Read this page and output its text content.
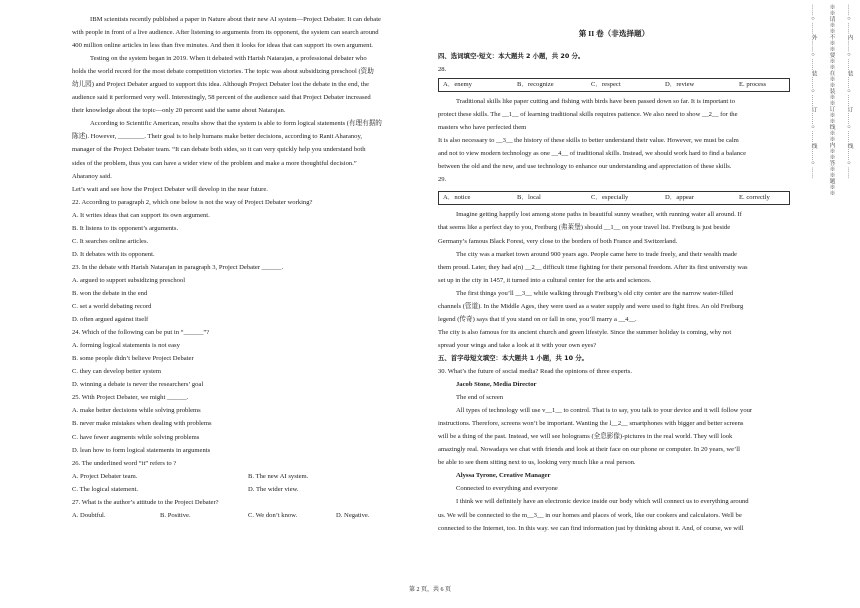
IBM scientists recently published a paper in Nature about their new AI system—Project Debater. It can debate
with people in front of a live audience. After listening to arguments from its opponent, the system can search around
400 million online articles in less than five minutes. And then it looks for ideas that can support its own argument.
Testing on the system began in 2019. When it debated with Harish Natarajan, a professional debater who
holds the world record for the most debate competition victories. The topic was about subsidizing preschool (资助
幼儿园) and Project Debater argued to support this idea. Although Project Debater lost the debate in the end, the
audience said it performed very well. Interestingly, 58 percent of the audience said that Project Debater increased
their knowledge about the topic—only 20 percent said the same about Natarajan.
According to Scientific American, results show that the system is able to form logical statements (有理有据的
陈述). However, ________. Their goal is to help humans make better decisions, according to Ranit Aharanoy,
manager of the Project Debater team. “It can debate both sides, so it can very quickly help you understand both
sides of the problem, thus you can have a wider view of the problem and make a more thoughtful decision.”
Aharanoy said.
Let’s wait and see how the Project Debater will develop in the near future.
22. According to paragraph 2, which one below is not the way of Project Debater working?
A. It writes ideas that can support its own argument.
B. It listens to its opponent’s arguments.
C. It searches online articles.
D. It debates with its opponent.
23. In the debate with Harish Natarajan in paragraph 3, Project Debater ______.
A. argued to support subsidizing preschool
B. won the debate in the end
C. set a world debating record
D. often argued against itself
24. Which of the following can be put in “______”?
A. forming logical statements is not easy
B. some people didn’t believe Project Debater
C. they can develop better system
D. winning a debate is never the researchers’ goal
25. With Project Debater, we might ______.
A. make better decisions while solving problems
B. never make mistakes when dealing with problems
C. have fewer augments while solving problems
D. lean how to form logical statements in arguments
26. The underlined word “it” refers to ?
A. Project Debater team.	B. The new AI system.
C. The logical statement.	D. The wider view.
27. What is the author’s attitude to the Project Debater?
A. Doubtful.	B. Positive.	C. We don’t know.	D. Negative.
第 II 卷（非选择题）
四、选词填空-短文：本大题共 2 小题，共 20 分。
28.
A．enemy	B．recognize	C．respect	D．review	E. process
Traditional skills like paper cutting and fishing with birds have been passed down so far. It is important to
protect these skills. The __1__ of learning traditional skills requires patience. We also need to show __2__ for the
masters who have perfected them
It is also necessary to __3__ the history of these skills to better understand their value. However, we must be calm
and not to view modern technology as one __4__ of traditional skills. Instead, we should work hard to find a balance
between the old and the new, and use technology to enhance our understanding and appreciation of these skills.
29.
A．notice	B．local	C．especially	D．appear	E. correctly
Imagine getting happily lost among stone paths in beautiful sunny weather, with running water all around. If
that seems like a perfect day to you, Freiburg (弗莱堡) should __1__ on your travel list. Freiburg is just beside
Germany’s famous Black Forest, very close to the borders of both France and Switzerland.
The city was a market town around 900 years ago. People came here to trade freely, and their wealth made
them proud. Later, they had a(n) __2__ difficult time fighting for their personal freedom. After its first university was
set up in the city in 1457, it turned into a cultural center for the arts and sciences.
The first things you’ll __3__ while walking through Freiburg’s old city center are the narrow water-filled
channels (管道). In the Middle Ages, they were used as a water supply and were used to fight fires. An old Freiburg
legend (传奇) says that if you stand on or fall in one, you’ll marry a __4__.
The city is also famous for its ancient church and green lifestyle. Since the summer holiday is coming, why not
spread your wings and take a look at it with your own eyes?
五、首字母短文填空：本大题共 1 小题，共 10 分。
30. What’s the future of social media? Read the opinions of three experts.
Jacob Stone, Media Director
The end of screen
All types of technology will use v__1__ to control. That is to say, you talk to your device and it will follow your
instructions. Therefore, screens won’t be important. Wanting the l__2__ smartphones with bigger and better screens
will be a thing of the past. Instead, we will see holograms (全息影像)-pictures in the real world. They will look
amazingly real. Nowadays we chat with friends and look at their face on our phone or computer. In 20 years, we’ll
be able to see them sitting next to us, looking very much like a real person.
Alyssa Tyrone, Creative Manager
Connected to everything and everyone
I think we will definitely have an electronic device inside our body which will connect us to everything around
us. We will be connected to the m__3__ in our homes and places of work, like our cookers and calculators. Well be
connected to the Internet, too. In this way. we can find information just by thinking about it. And, of course, we will
第 2 页，共 6 页
……○……外……○……装……○……订……○……线……○……	※※请※※不※※要※※在※※装※※订※※线※※内※※答※※题※※	……○……内……○……装……○……订……○……线……○……
